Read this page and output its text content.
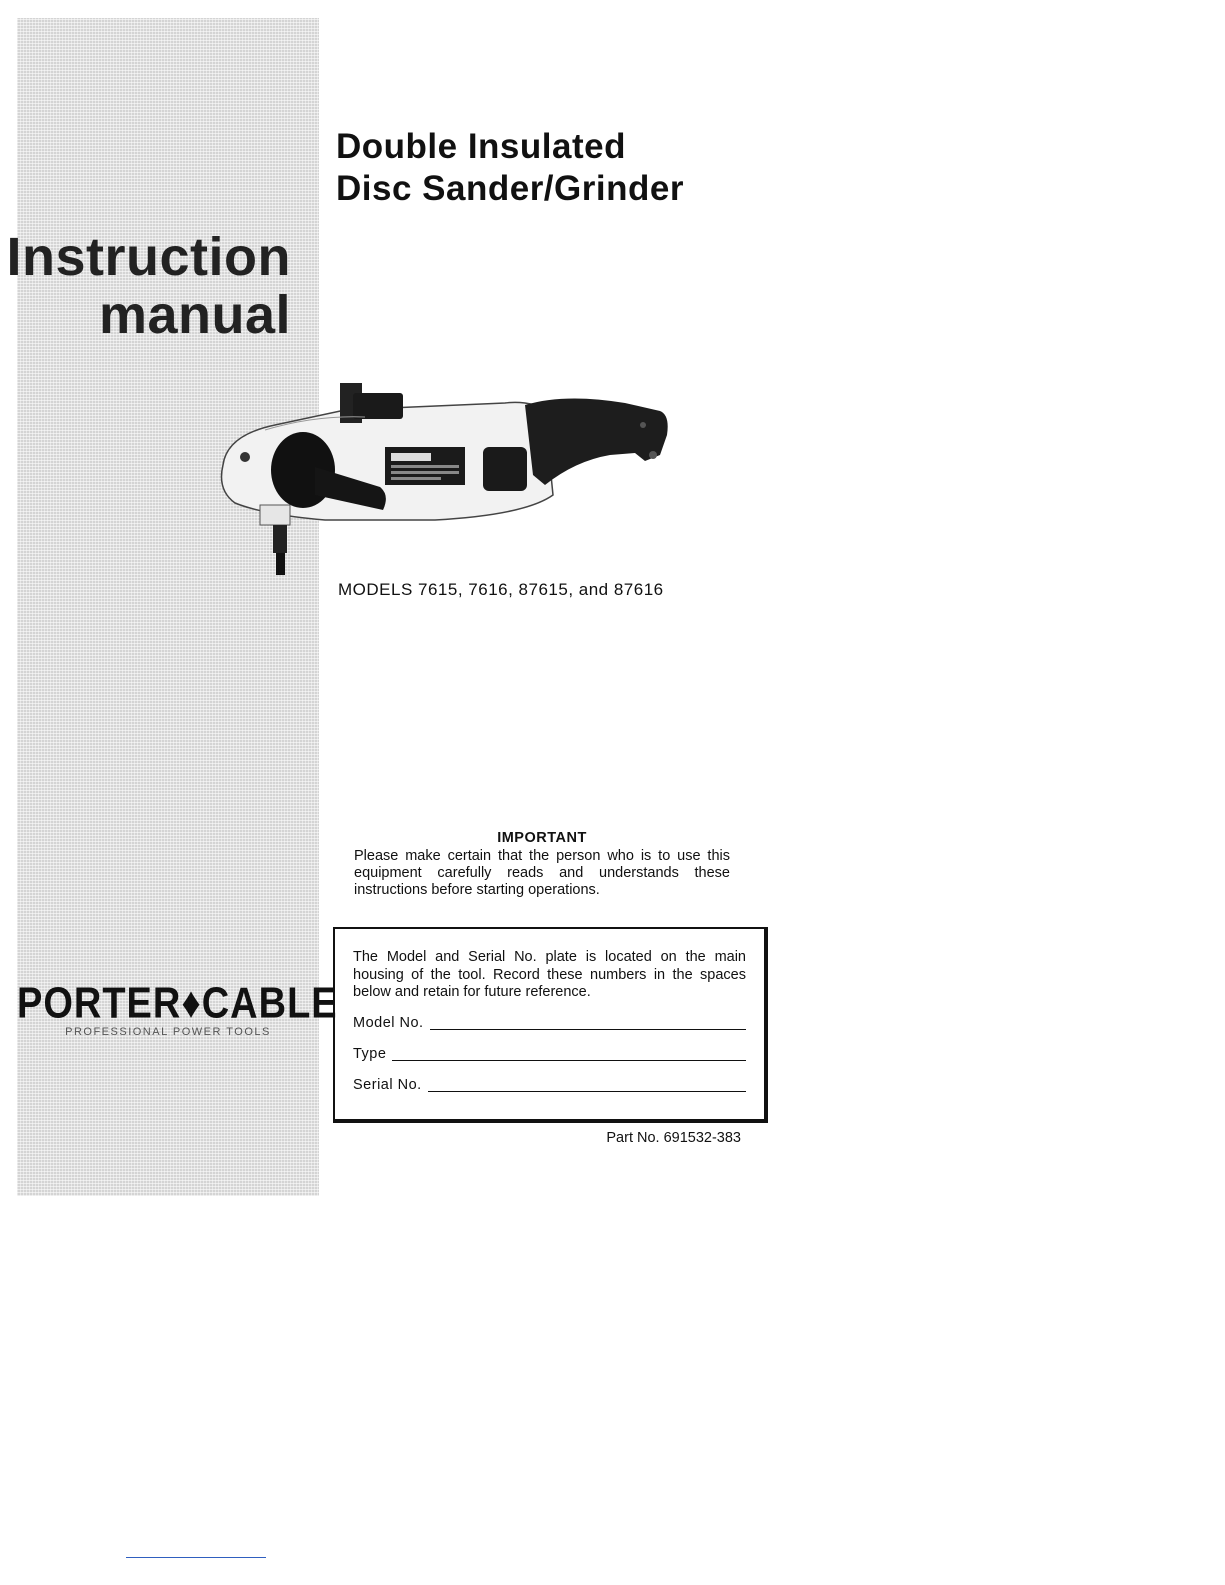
Instruction
manual
PORTER♦CABLE
PROFESSIONAL POWER TOOLS
Double Insulated
Disc Sander/Grinder
MODELS 7615, 7616, 87615, and 87616
IMPORTANT
Please make certain that the person who is to use this equipment carefully reads and understands these instructions before starting operations.
The Model and Serial No. plate is located on the main housing of the tool. Record these numbers in the spaces below and retain for future reference.
Model No.
Type
Serial No.
Part No. 691532-383
